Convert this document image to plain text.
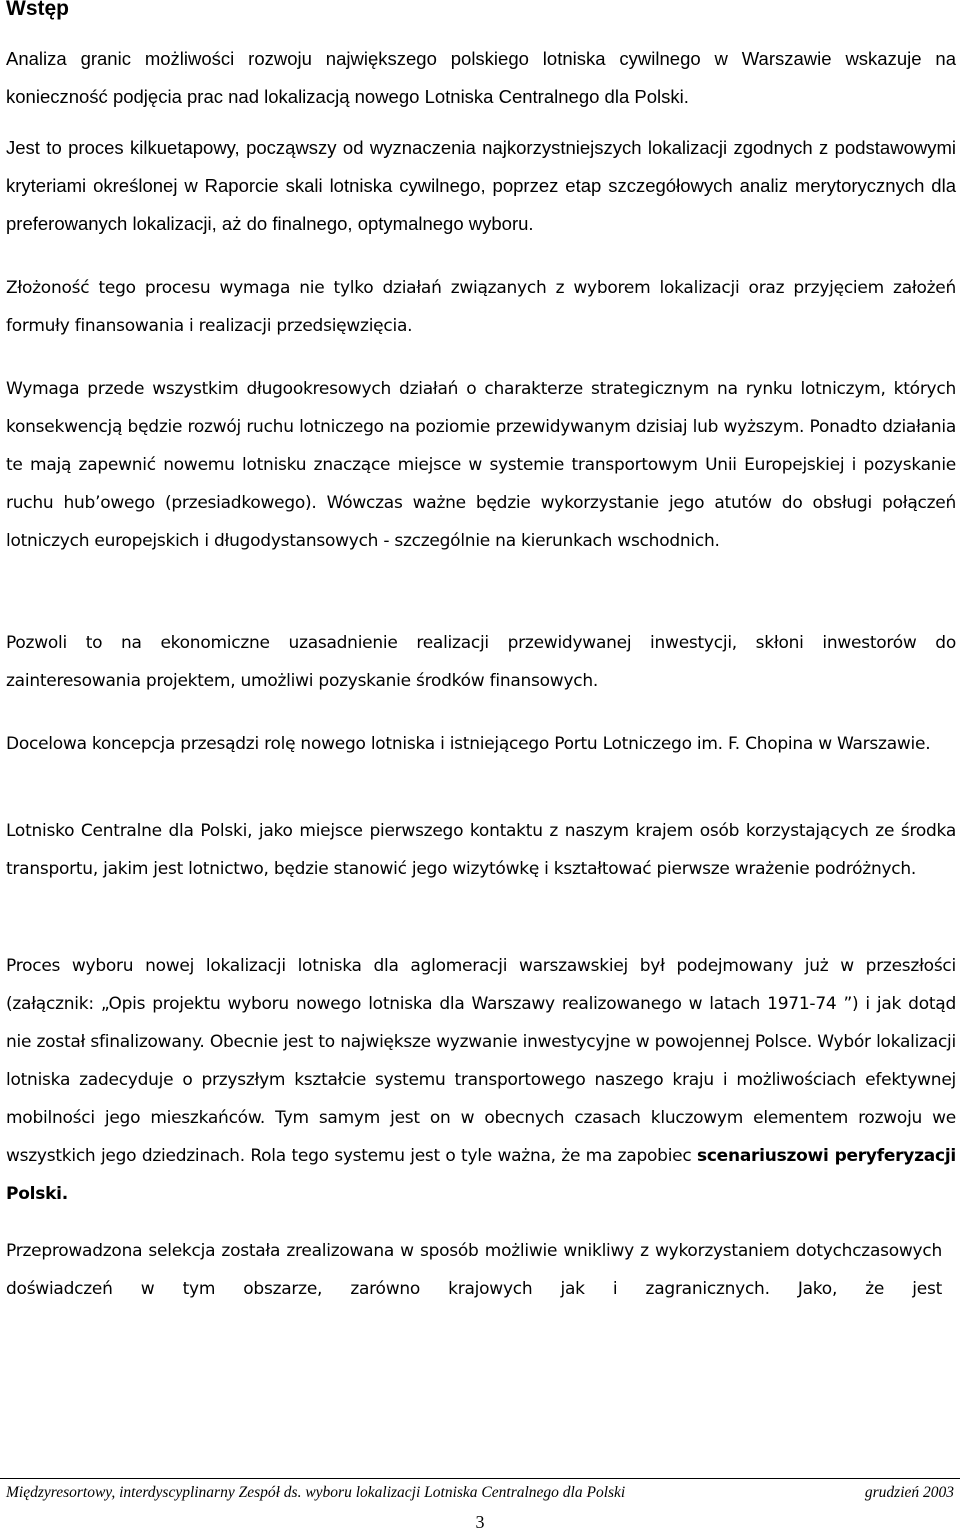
Wstęp

Analiza granic możliwości rozwoju największego polskiego lotniska cywilnego w Warszawie wskazuje na konieczność podjęcia prac nad lokalizacją nowego Lotniska Centralnego dla Polski.

Jest to proces kilkuetapowy, począwszy od wyznaczenia najkorzystniejszych lokalizacji zgodnych z podstawowymi kryteriami określonej w Raporcie skali lotniska cywilnego, poprzez etap szczegółowych analiz merytorycznych dla preferowanych lokalizacji, aż do finalnego, optymalnego wyboru.

Złożoność tego procesu wymaga nie tylko działań związanych z wyborem lokalizacji oraz przyjęciem założeń formuły finansowania i realizacji przedsięwzięcia.

Wymaga przede wszystkim długookresowych działań o charakterze strategicznym na rynku lotniczym, których konsekwencją będzie rozwój ruchu lotniczego na poziomie przewidywanym dzisiaj lub wyższym. Ponadto działania te mają zapewnić nowemu lotnisku znaczące miejsce w systemie transportowym Unii Europejskiej i pozyskanie ruchu hub’owego (przesiadkowego). Wówczas ważne będzie wykorzystanie jego atutów do obsługi połączeń lotniczych europejskich i długodystansowych - szczególnie na kierunkach wschodnich.

Pozwoli to na ekonomiczne uzasadnienie realizacji przewidywanej inwestycji, skłoni inwestorów do zainteresowania projektem, umożliwi pozyskanie środków finansowych.

Docelowa koncepcja przesądzi rolę nowego lotniska i istniejącego Portu Lotniczego im. F. Chopina w Warszawie.

Lotnisko Centralne dla Polski, jako miejsce pierwszego kontaktu z naszym krajem osób korzystających ze środka transportu, jakim jest lotnictwo, będzie stanowić jego wizytówkę i kształtować pierwsze wrażenie podróżnych.

Proces wyboru nowej lokalizacji lotniska dla aglomeracji warszawskiej był podejmowany już w przeszłości (załącznik: „Opis projektu wyboru nowego lotniska dla Warszawy realizowanego w latach 1971-74 ”) i jak dotąd nie został sfinalizowany. Obecnie jest to największe wyzwanie inwestycyjne w powojennej Polsce. Wybór lokalizacji lotniska zadecyduje o przyszłym kształcie systemu transportowego naszego kraju i możliwościach efektywnej mobilności jego mieszkańców. Tym samym jest on w obecnych czasach kluczowym elementem rozwoju we wszystkich jego dziedzinach. Rola tego systemu jest o tyle ważna, że ma zapobiec scenariuszowi peryferyzacji Polski.

Przeprowadzona selekcja została zrealizowana w sposób możliwie wnikliwy z wykorzystaniem dotychczasowych doświadczeń w tym obszarze, zarówno krajowych jak i zagranicznych. Jako, że jest

Międzyresortowy, interdyscyplinarny Zespół ds. wyboru lokalizacji Lotniska Centralnego dla Polski	grudzień 2003
3
